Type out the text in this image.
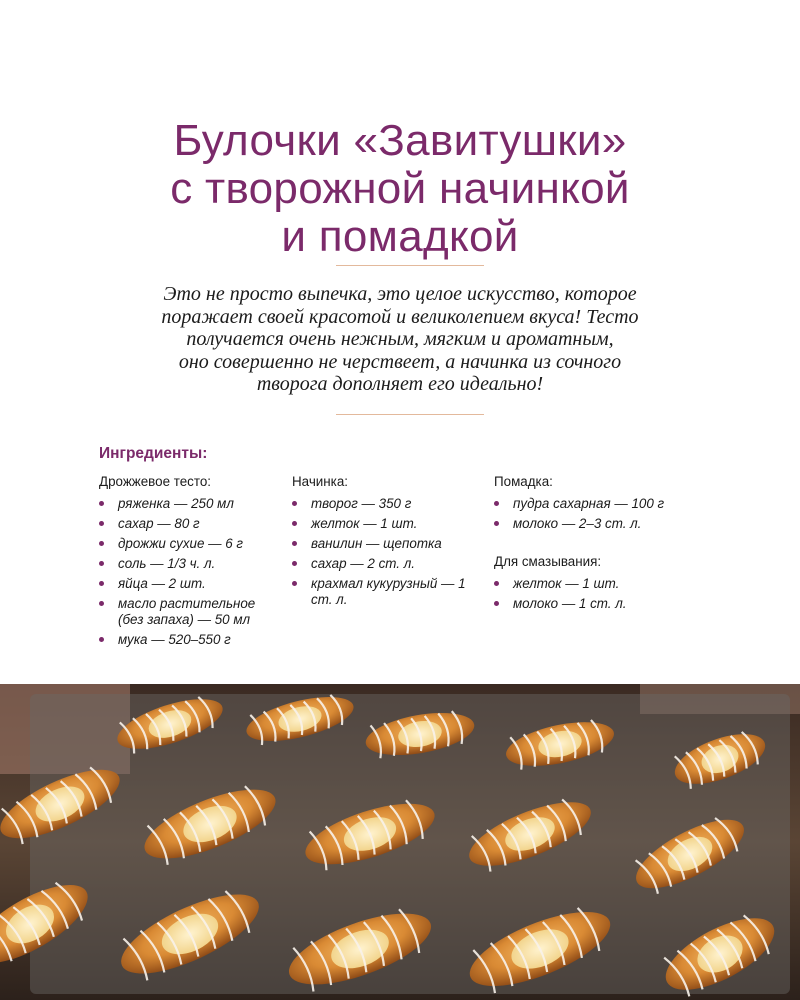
Булочки «Завитушки»
с творожной начинкой
и помадкой
Это не просто выпечка, это целое искусство, которое
поражает своей красотой и великолепием вкуса! Тесто
получается очень нежным, мягким и ароматным,
оно совершенно не черствеет, а начинка из сочного
творога дополняет его идеально!
Ингредиенты:
Дрожжевое тесто:
ряженка — 250 мл
сахар — 80 г
дрожжи сухие — 6 г
соль — 1/3 ч. л.
яйца — 2 шт.
масло растительное (без запаха) — 50 мл
мука — 520–550 г
Начинка:
творог — 350 г
желток — 1 шт.
ванилин — щепотка
сахар — 2 ст. л.
крахмал кукурузный — 1 ст. л.
Помадка:
пудра сахарная — 100 г
молоко — 2–3 ст. л.
Для смазывания:
желток — 1 шт.
молоко — 1 ст. л.
